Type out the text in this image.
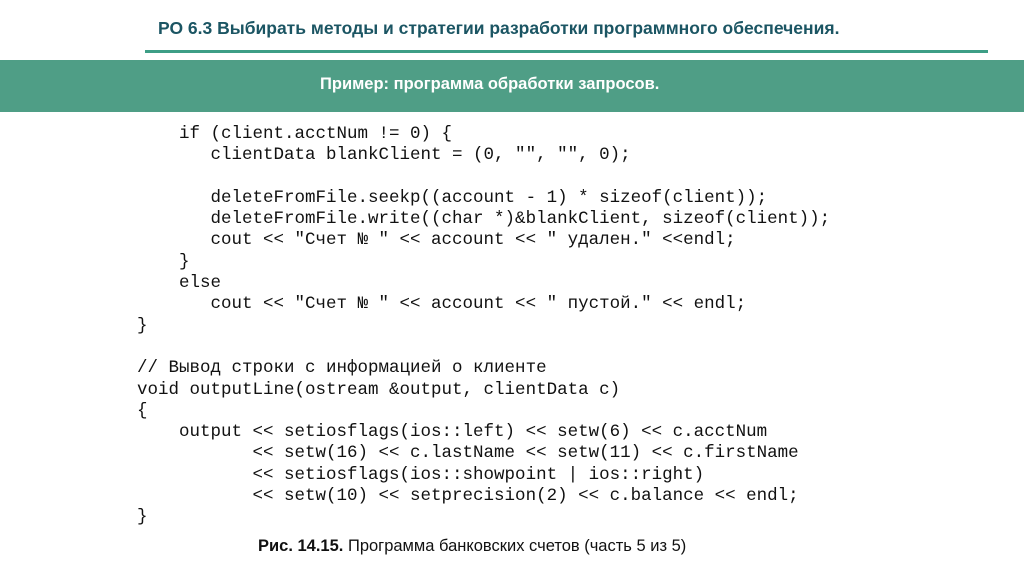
РО 6.3 Выбирать методы и стратегии разработки программного обеспечения.
Пример: программа обработки запросов.
if (client.acctNum != 0) {
clientData blankClient = (0, "", "", 0);
deleteFromFile.seekp((account - 1) * sizeof(client));
deleteFromFile.write((char *)&blankClient, sizeof(client));
cout << "Счет № " << account << " удален." <<endl;
}
else
cout << "Счет № " << account << " пустой." << endl;
}
// Вывод строки с информацией о клиенте
void outputLine(ostream &output, clientData c)
{
output << setiosflags(ios::left) << setw(6) << c.acctNum
<< setw(16) << c.lastName << setw(11) << c.firstName
<< setiosflags(ios::showpoint | ios::right)
<< setw(10) << setprecision(2) << c.balance << endl;
}
Рис. 14.15. Программа банковских счетов (часть 5 из 5)
